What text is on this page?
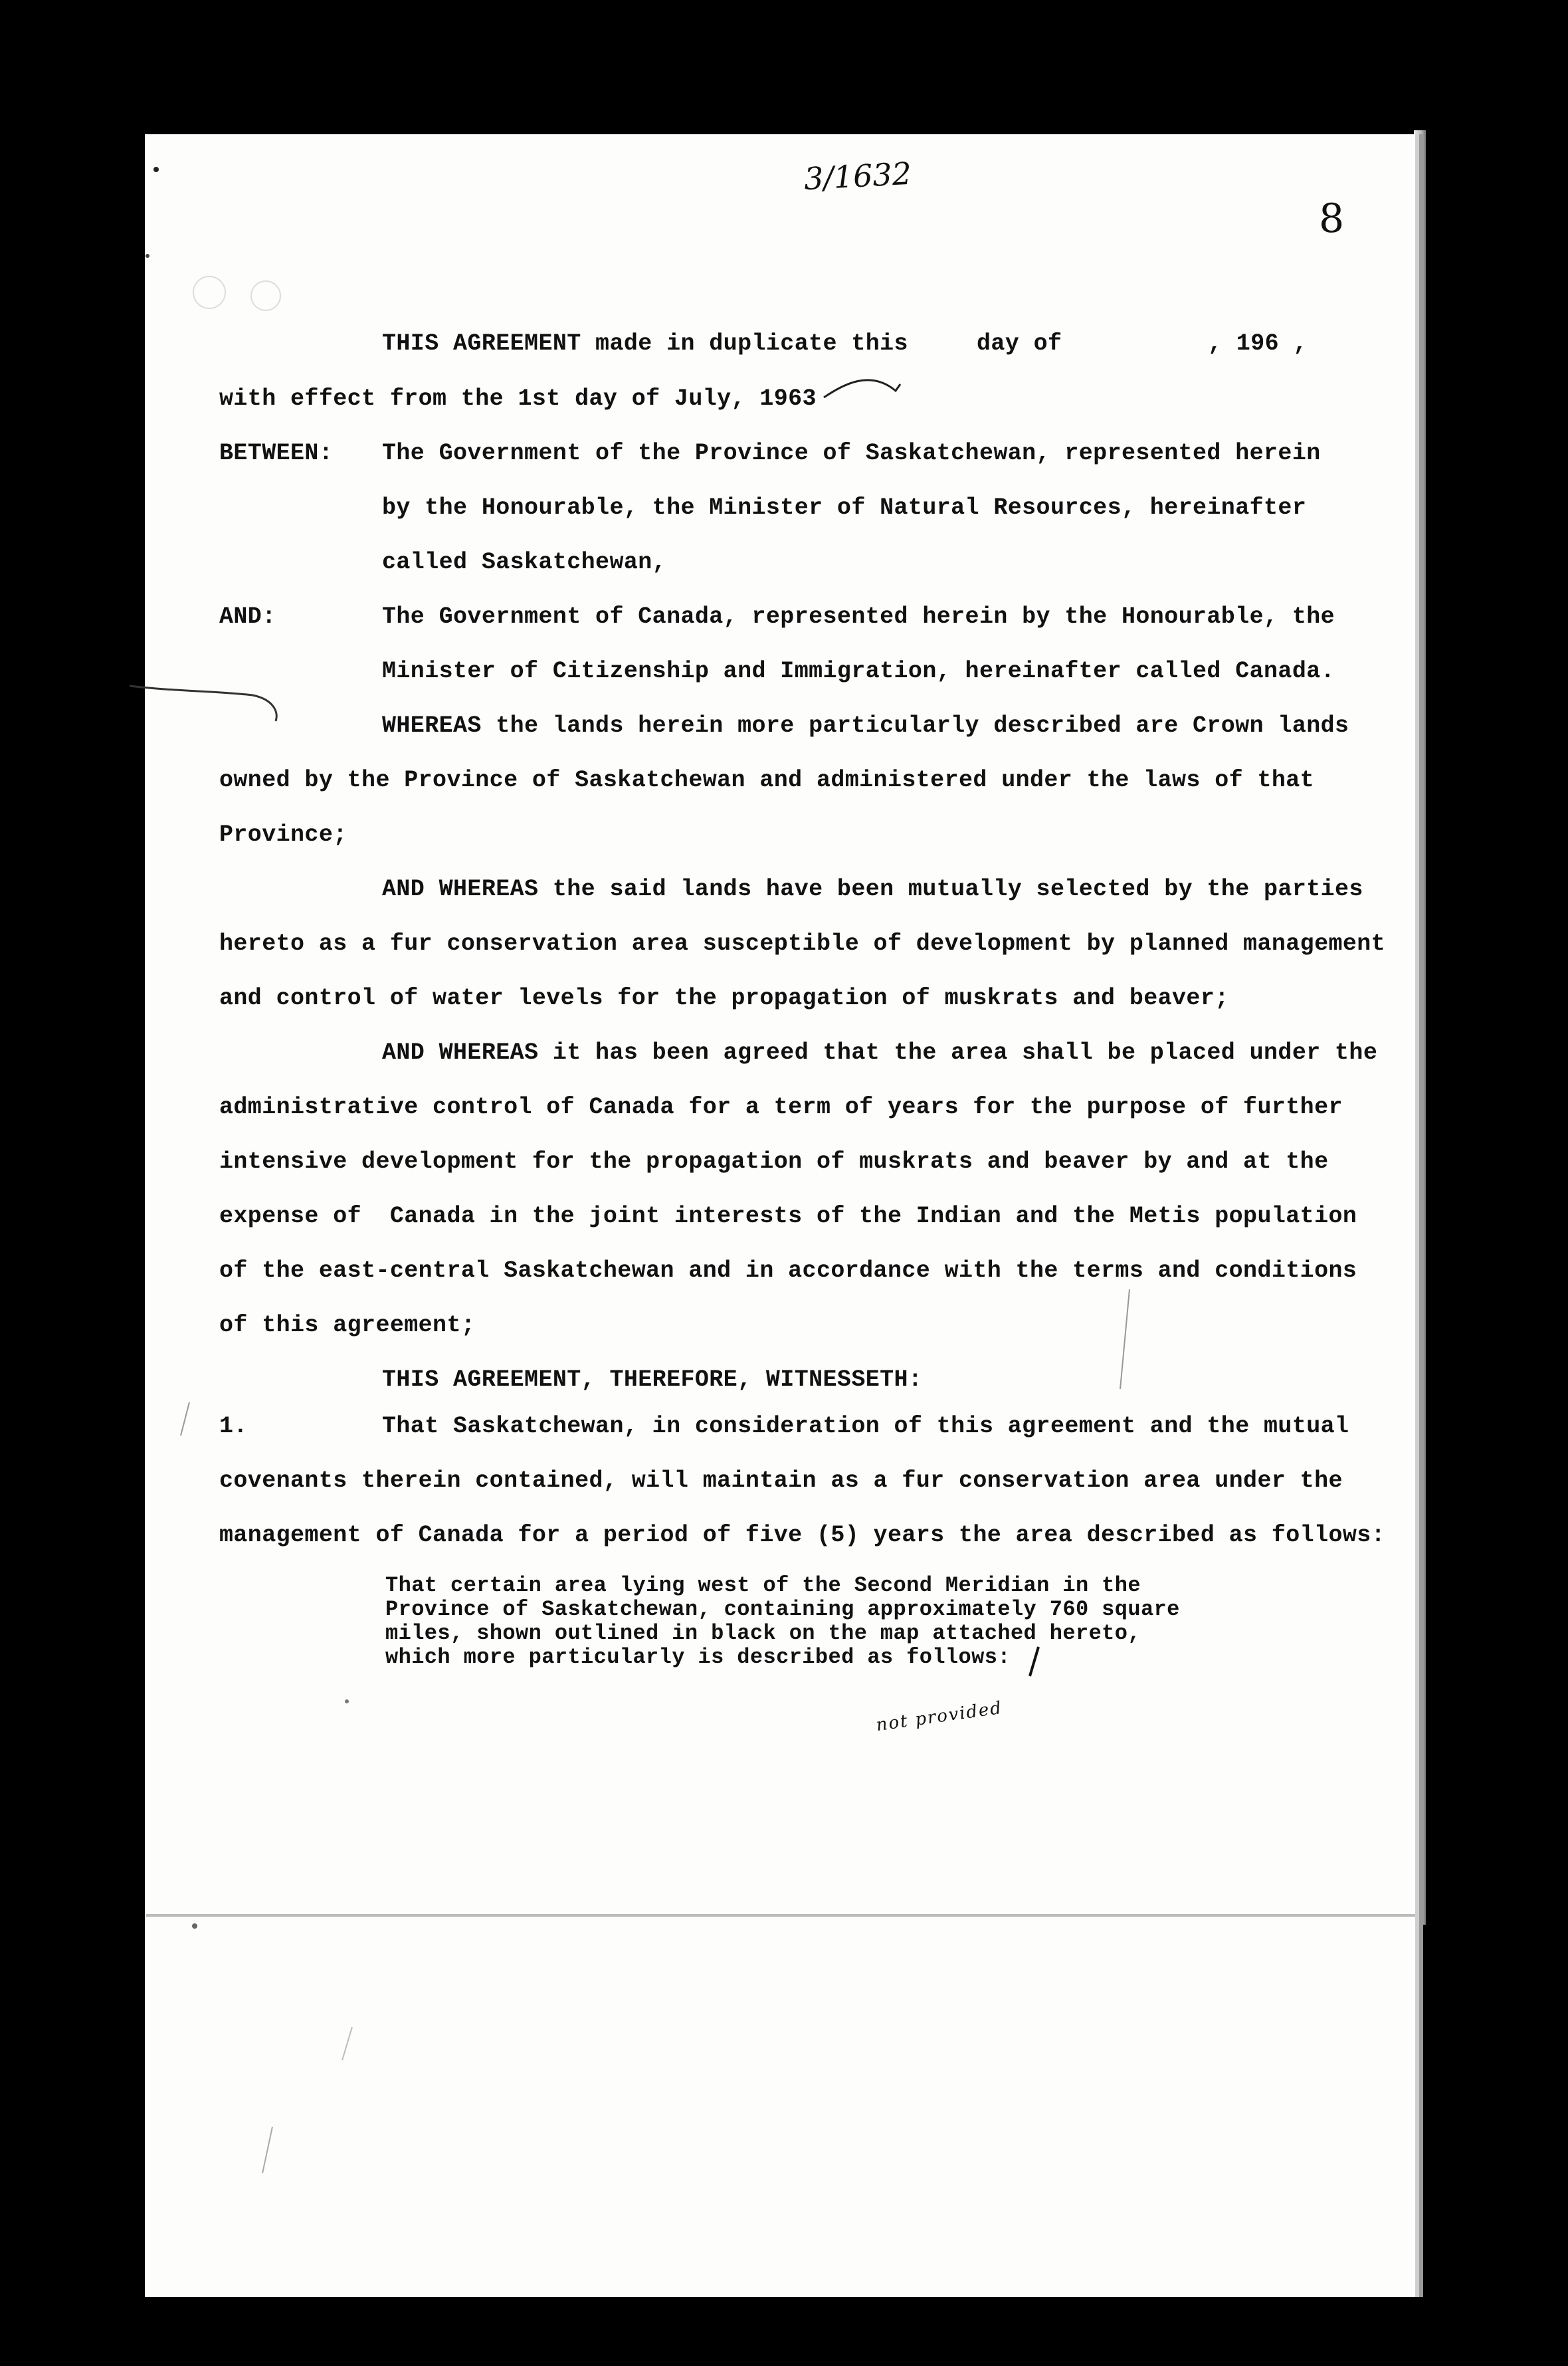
3/1632
8
not provided
THIS AGREEMENT made in duplicate this	day of	, 196 ,
with effect from the 1st day of July, 1963
BETWEEN: The Government of the Province of Saskatchewan, represented herein
by the Honourable, the Minister of Natural Resources, hereinafter
called Saskatchewan,
AND:	The Government of Canada, represented herein by the Honourable, the
Minister of Citizenship and Immigration, hereinafter called Canada.
WHEREAS the lands herein more particularly described are Crown lands
owned by the Province of Saskatchewan and administered under the laws of that
Province;
AND WHEREAS the said lands have been mutually selected by the parties
hereto as a fur conservation area susceptible of development by planned management
and control of water levels for the propagation of muskrats and beaver;
AND WHEREAS it has been agreed that the area shall be placed under the
administrative control of Canada for a term of years for the purpose of further
intensive development for the propagation of muskrats and beaver by and at the
expense of  Canada in the joint interests of the Indian and the Metis population
of the east-central Saskatchewan and in accordance with the terms and conditions
of this agreement;
THIS AGREEMENT, THEREFORE, WITNESSETH:
1.	That Saskatchewan, in consideration of this agreement and the mutual
covenants therein contained, will maintain as a fur conservation area under the
management of Canada for a period of five (5) years the area described as follows:
That certain area lying west of the Second Meridian in the
Province of Saskatchewan, containing approximately 760 square
miles, shown outlined in black on the map attached hereto,
which more particularly is described as follows:
